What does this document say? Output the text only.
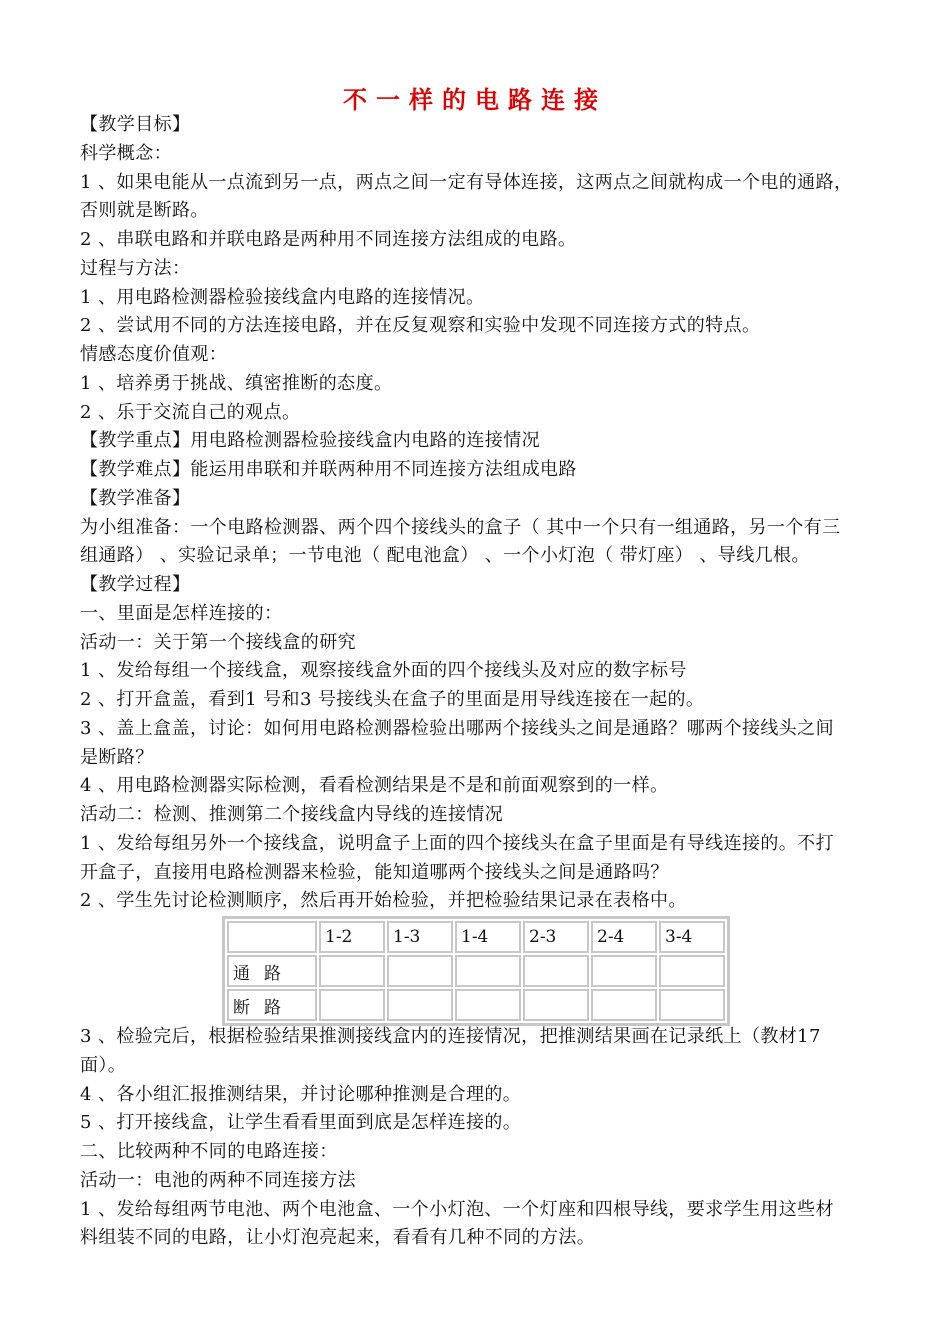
不一样的电路连接
【教学目标】
科学概念：
1 、如果电能从一点流到另一点，两点之间一定有导体连接，这两点之间就构成一个电的通路，
否则就是断路。
2 、串联电路和并联电路是两种用不同连接方法组成的电路。
过程与方法：
1 、用电路检测器检验接线盒内电路的连接情况。
2 、尝试用不同的方法连接电路，并在反复观察和实验中发现不同连接方式的特点。
情感态度价值观：
1 、培养勇于挑战、缜密推断的态度。
2 、乐于交流自己的观点。
【教学重点】用电路检测器检验接线盒内电路的连接情况
【教学难点】能运用串联和并联两种用不同连接方法组成电路
【教学准备】
为小组准备：一个电路检测器、两个四个接线头的盒子（ 其中一个只有一组通路，另一个有三
组通路） 、实验记录单；一节电池（ 配电池盒） 、一个小灯泡（ 带灯座） 、导线几根。
【教学过程】
一、里面是怎样连接的：
活动一：关于第一个接线盒的研究
1 、发给每组一个接线盒，观察接线盒外面的四个接线头及对应的数字标号
2 、打开盒盖，看到1 号和3 号接线头在盒子的里面是用导线连接在一起的。
3 、盖上盒盖，讨论：如何用电路检测器检验出哪两个接线头之间是通路？哪两个接线头之间
是断路？
4 、用电路检测器实际检测，看看检测结果是不是和前面观察到的一样。
活动二：检测、推测第二个接线盒内导线的连接情况
1 、发给每组另外一个接线盒，说明盒子上面的四个接线头在盒子里面是有导线连接的。不打
开盒子，直接用电路检测器来检验，能知道哪两个接线头之间是通路吗？
2 、学生先讨论检测顺序，然后再开始检验，并把检验结果记录在表格中。
	1-2	1-3	1-4	2-3	2-4	3-4
通路						
断路						
3 、检验完后，根据检验结果推测接线盒内的连接情况，把推测结果画在记录纸上（教材17
面）。
4 、各小组汇报推测结果，并讨论哪种推测是合理的。
5 、打开接线盒，让学生看看里面到底是怎样连接的。
二、比较两种不同的电路连接：
活动一：电池的两种不同连接方法
1 、发给每组两节电池、两个电池盒、一个小灯泡、一个灯座和四根导线，要求学生用这些材
料组装不同的电路，让小灯泡亮起来，看看有几种不同的方法。
